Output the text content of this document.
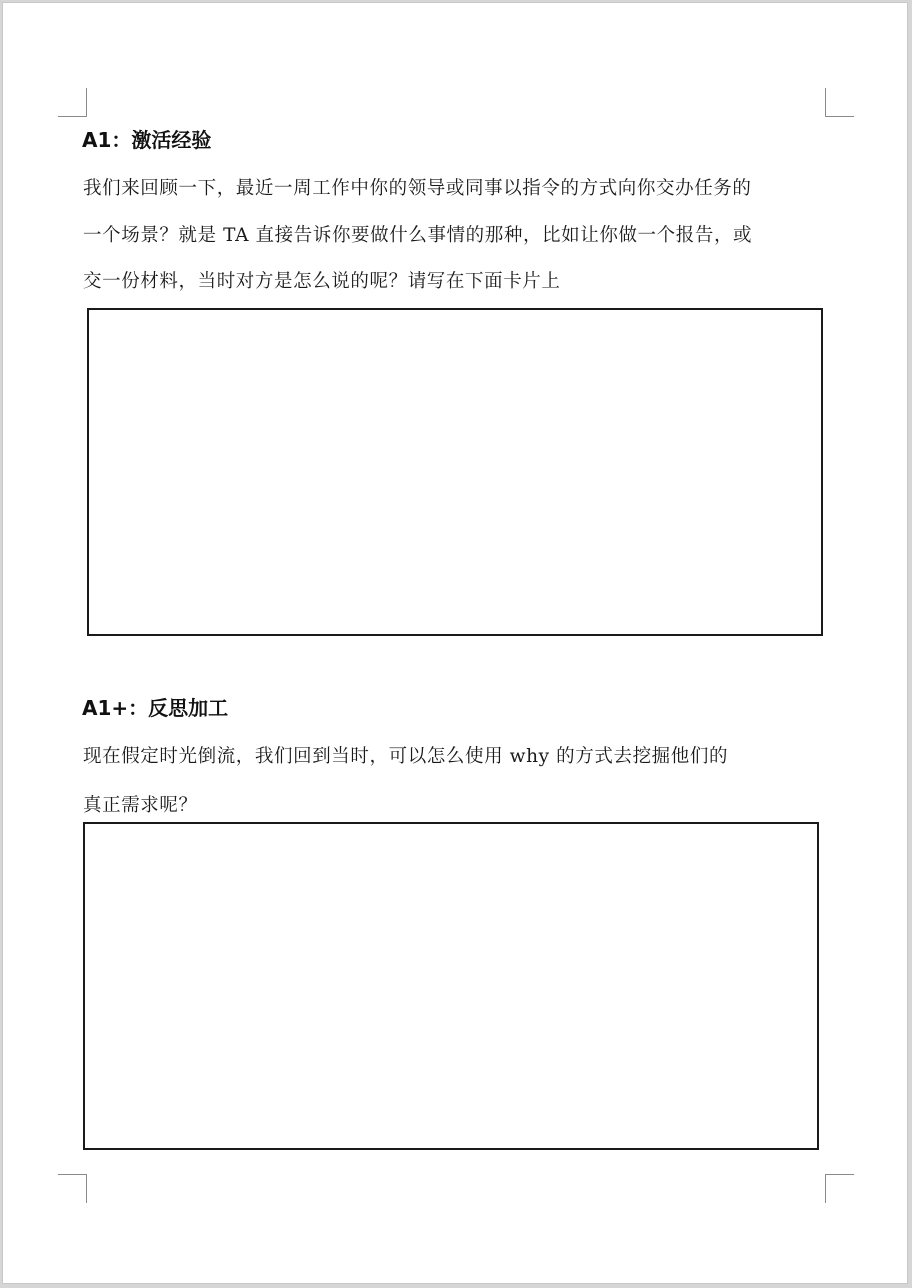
A1：激活经验
我们来回顾一下，最近一周工作中你的领导或同事以指令的方式向你交办任务的
一个场景？就是 TA 直接告诉你要做什么事情的那种，比如让你做一个报告，或
交一份材料，当时对方是怎么说的呢？请写在下面卡片上
A1+：反思加工
现在假定时光倒流，我们回到当时，可以怎么使用 why 的方式去挖掘他们的
真正需求呢？
